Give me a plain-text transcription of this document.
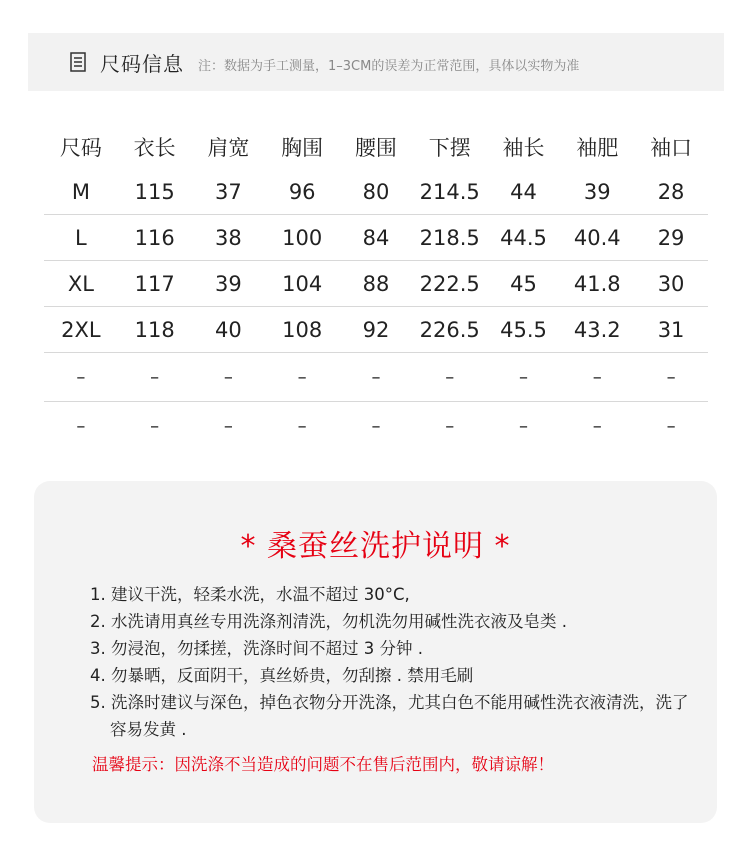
尺码信息 注：数据为手工测量，1–3CM的误差为正常范围，具体以实物为准
尺码	衣长	肩宽	胸围	腰围	下摆	袖长	袖肥	袖口
M	115	37	96	80	214.5	44	39	28
L	116	38	100	84	218.5	44.5	40.4	29
XL	117	39	104	88	222.5	45	41.8	30
2XL	118	40	108	92	226.5	45.5	43.2	31
–	–	–	–	–	–	–	–	–
–	–	–	–	–	–	–	–	–
* 桑蚕丝洗护说明 *
1. 建议干洗，轻柔水洗，水温不超过 30°C,
2. 水洗请用真丝专用洗涤剂清洗，勿机洗勿用碱性洗衣液及皂类 .
3. 勿浸泡，勿揉搓，洗涤时间不超过 3 分钟 .
4. 勿暴晒，反面阴干，真丝娇贵，勿刮擦 . 禁用毛刷
5. 洗涤时建议与深色，掉色衣物分开洗涤，尤其白色不能用碱性洗衣液清洗，洗了容易发黄 .
温馨提示：因洗涤不当造成的问题不在售后范围内，敬请谅解！
